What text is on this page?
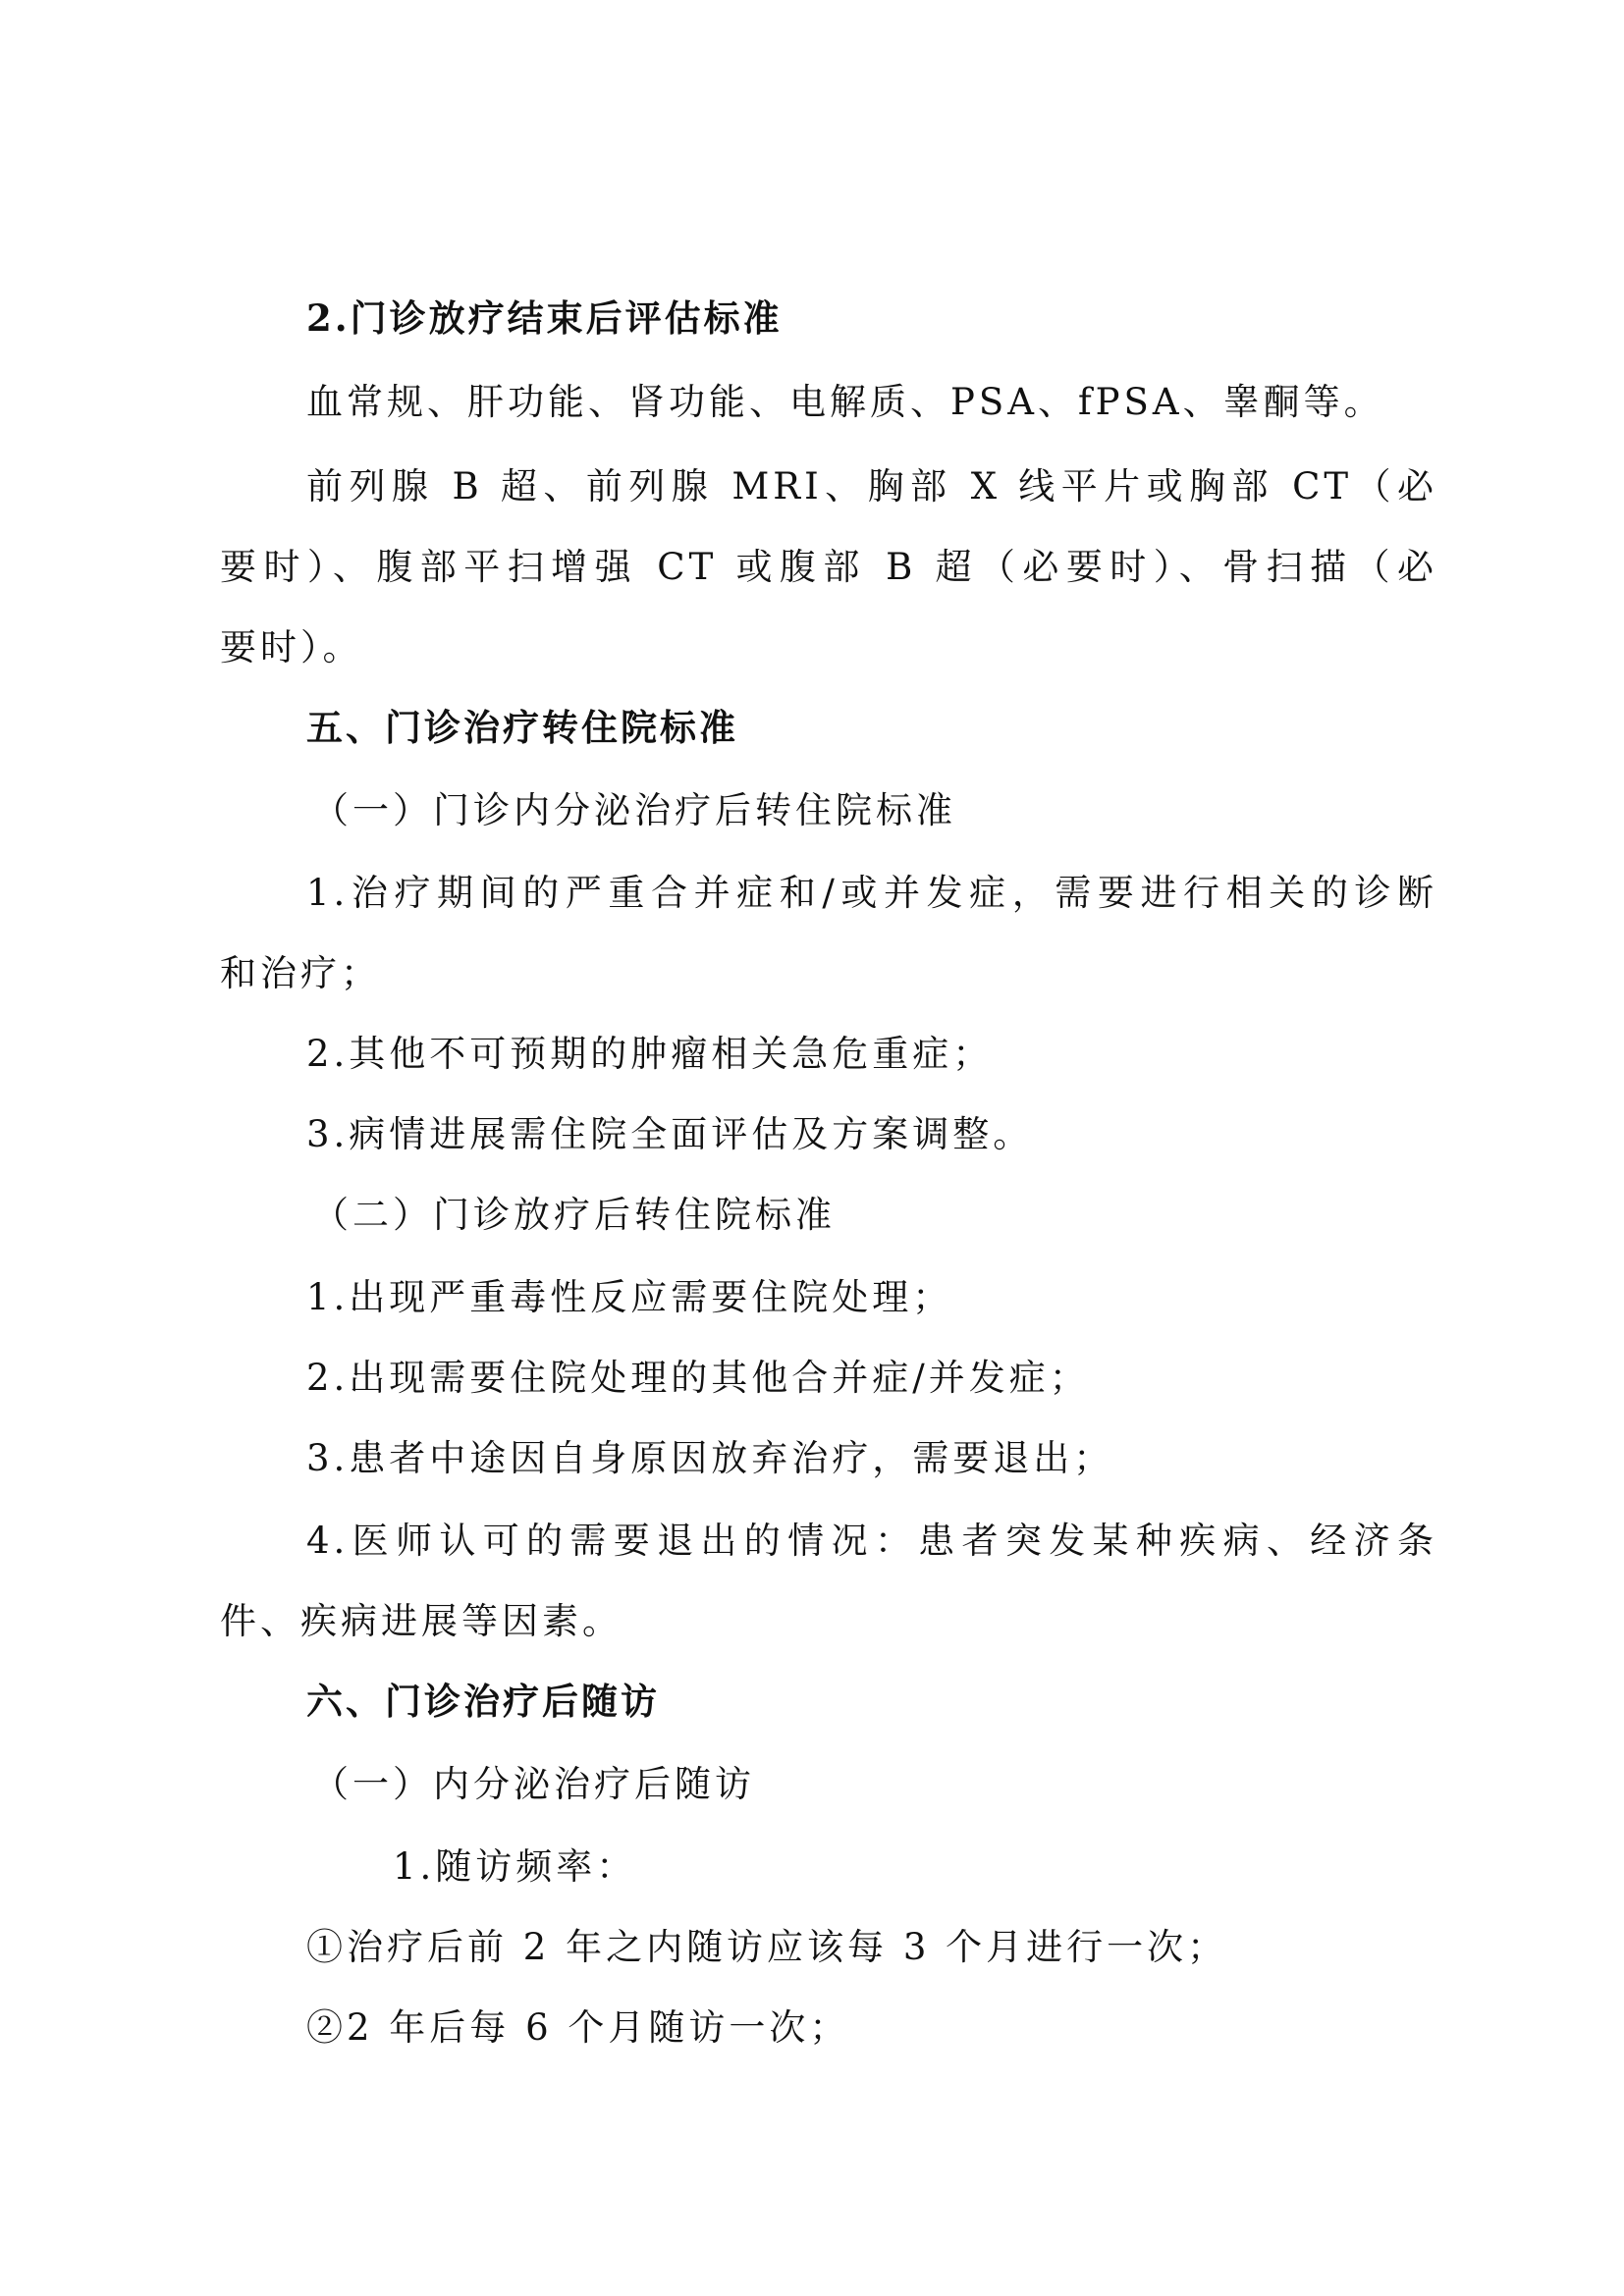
2.门诊放疗结束后评估标准
血常规、肝功能、肾功能、电解质、PSA、fPSA、睾酮等。
前列腺 B 超、前列腺 MRI、胸部 X 线平片或胸部 CT（必
要时）、腹部平扫增强 CT 或腹部 B 超（必要时）、骨扫描（必
要时）。
五、门诊治疗转住院标准
（一）门诊内分泌治疗后转住院标准
1.治疗期间的严重合并症和/或并发症，需要进行相关的诊断
和治疗；
2.其他不可预期的肿瘤相关急危重症；
3.病情进展需住院全面评估及方案调整。
（二）门诊放疗后转住院标准
1.出现严重毒性反应需要住院处理；
2.出现需要住院处理的其他合并症/并发症；
3.患者中途因自身原因放弃治疗，需要退出；
4.医师认可的需要退出的情况：患者突发某种疾病、经济条
件、疾病进展等因素。
六、门诊治疗后随访
（一）内分泌治疗后随访
1.随访频率：
①治疗后前 2 年之内随访应该每 3 个月进行一次；
②2 年后每 6 个月随访一次；
